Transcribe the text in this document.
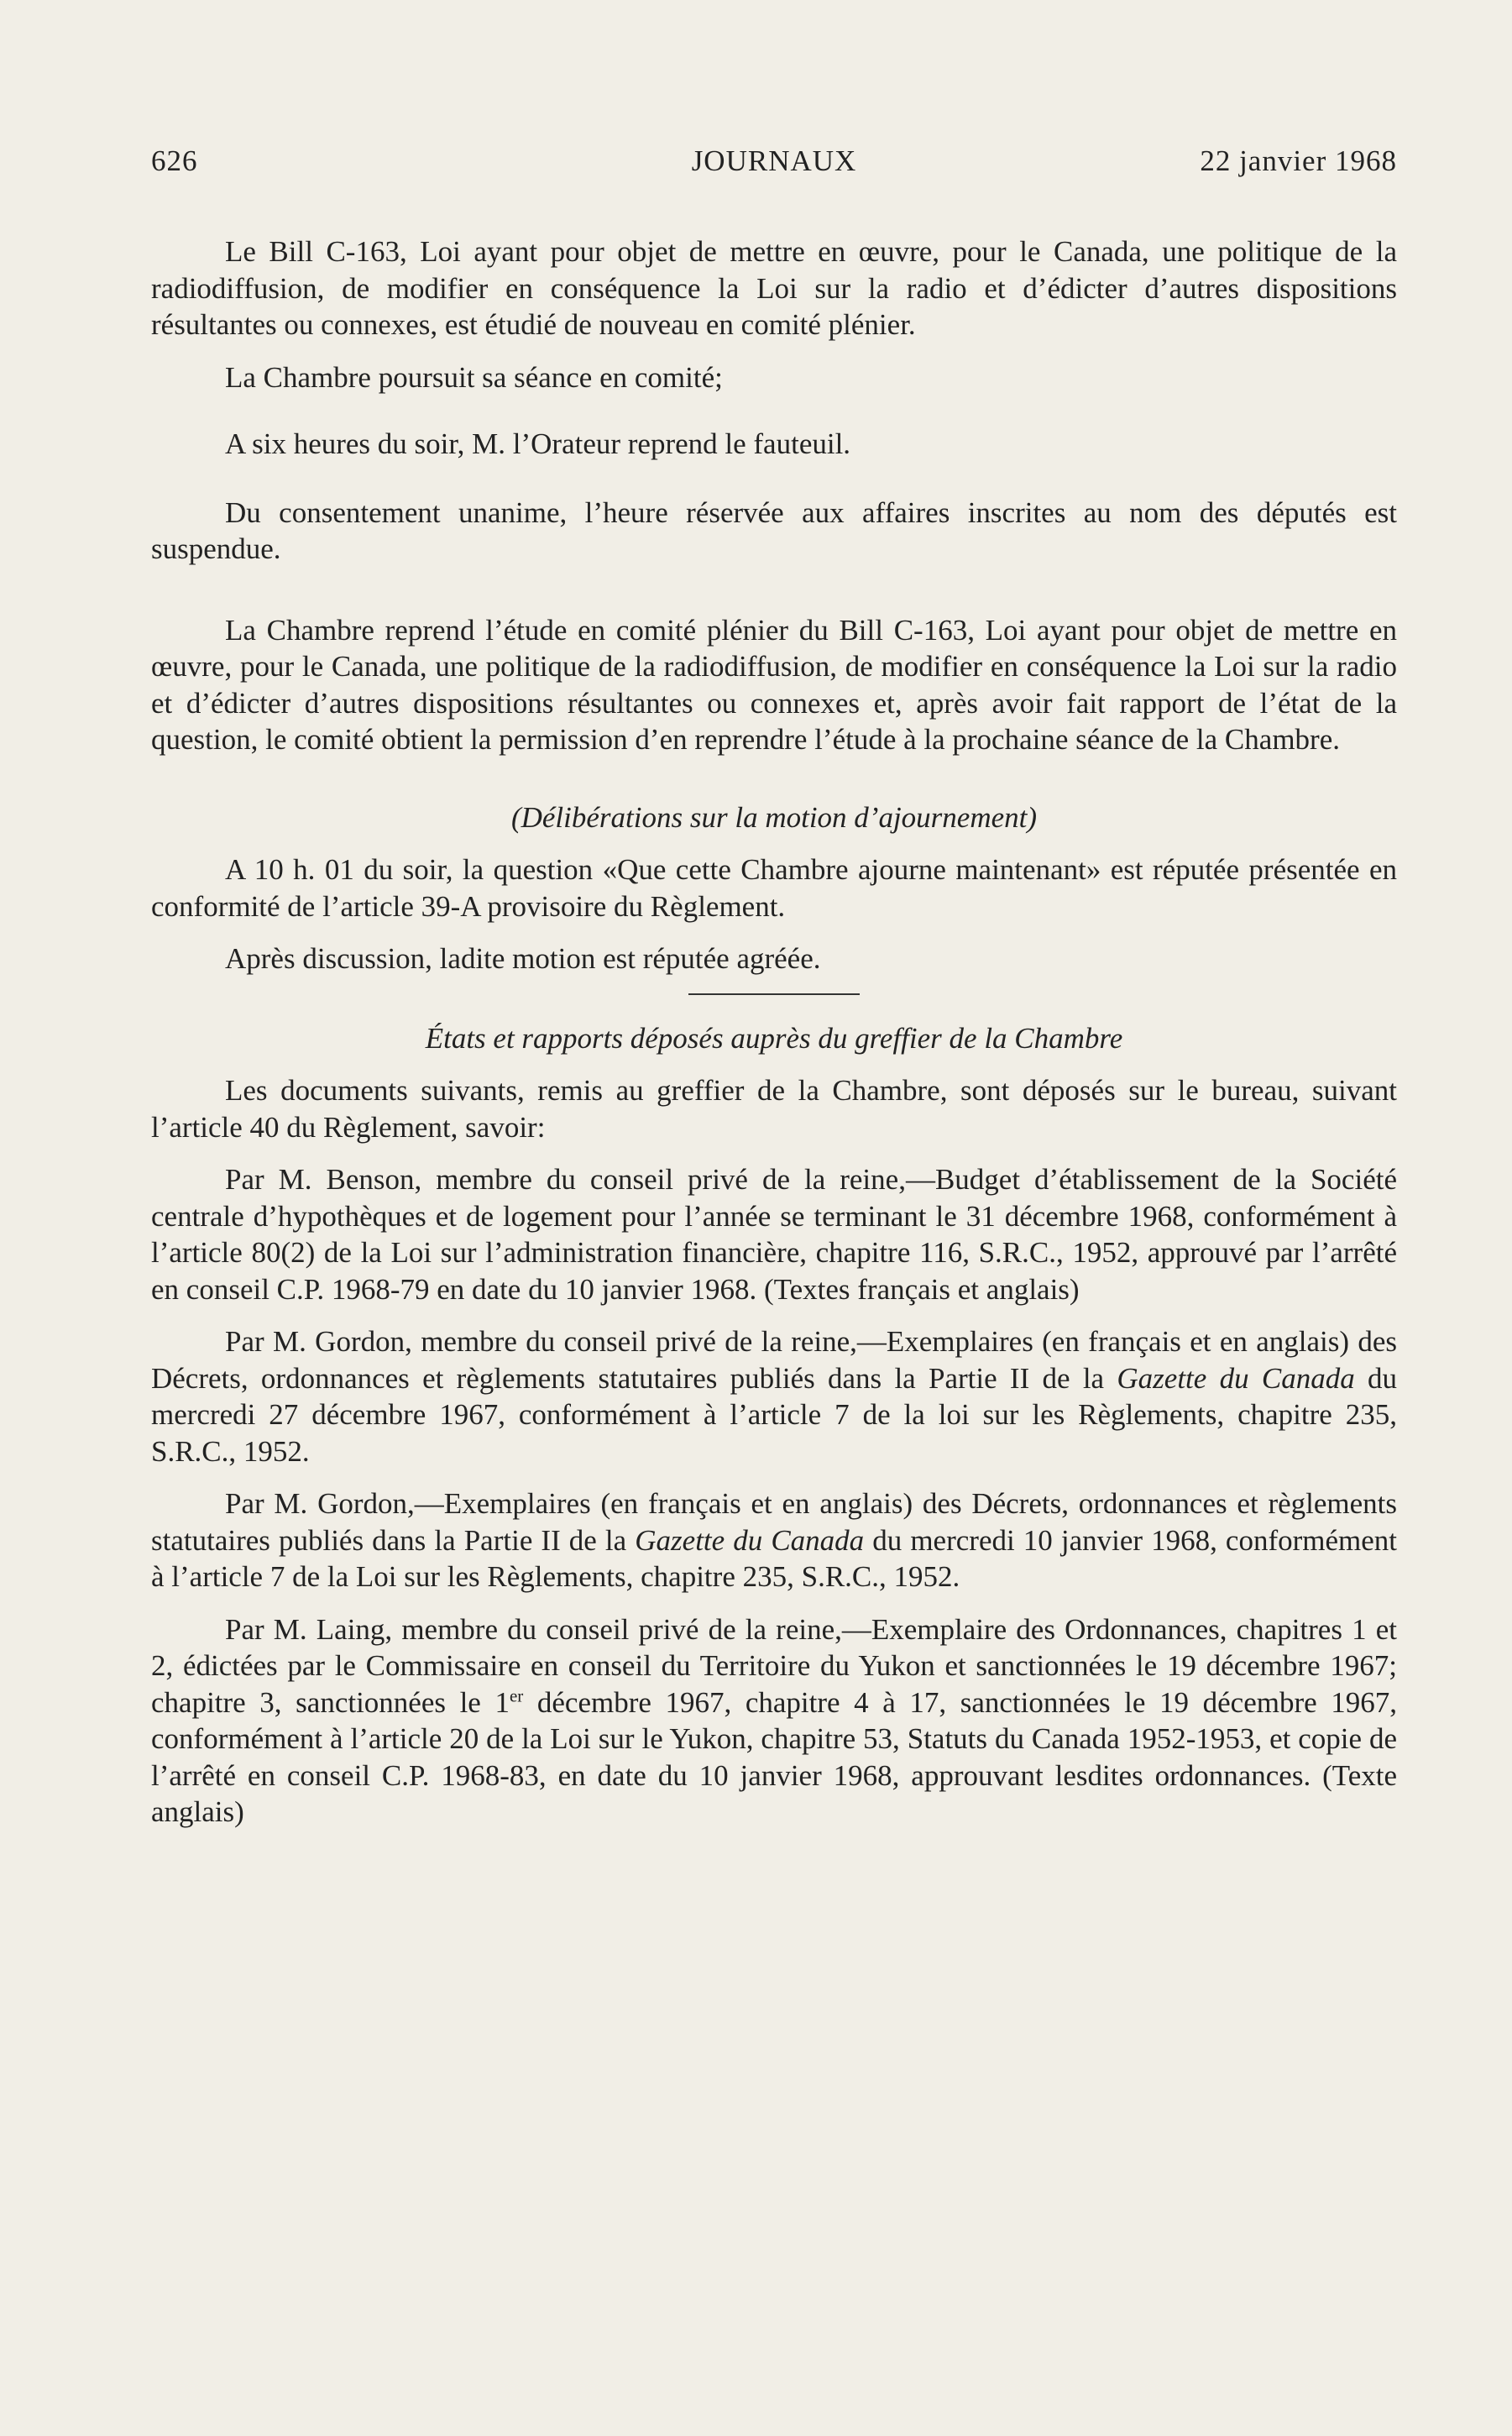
626	JOURNAUX	22 janvier 1968

Le Bill C-163, Loi ayant pour objet de mettre en œuvre, pour le Canada, une politique de la radiodiffusion, de modifier en conséquence la Loi sur la radio et d’édicter d’autres dispositions résultantes ou connexes, est étudié de nouveau en comité plénier.

La Chambre poursuit sa séance en comité;

A six heures du soir, M. l’Orateur reprend le fauteuil.

Du consentement unanime, l’heure réservée aux affaires inscrites au nom des députés est suspendue.

La Chambre reprend l’étude en comité plénier du Bill C-163, Loi ayant pour objet de mettre en œuvre, pour le Canada, une politique de la radiodiffusion, de modifier en conséquence la Loi sur la radio et d’édicter d’autres dispositions résultantes ou connexes et, après avoir fait rapport de l’état de la question, le comité obtient la permission d’en reprendre l’étude à la prochaine séance de la Chambre.

(Délibérations sur la motion d’ajournement)

A 10 h. 01 du soir, la question «Que cette Chambre ajourne maintenant» est réputée présentée en conformité de l’article 39-A provisoire du Règlement.

Après discussion, ladite motion est réputée agréée.

États et rapports déposés auprès du greffier de la Chambre

Les documents suivants, remis au greffier de la Chambre, sont déposés sur le bureau, suivant l’article 40 du Règlement, savoir:

Par M. Benson, membre du conseil privé de la reine,—Budget d’établissement de la Société centrale d’hypothèques et de logement pour l’année se terminant le 31 décembre 1968, conformément à l’article 80(2) de la Loi sur l’administration financière, chapitre 116, S.R.C., 1952, approuvé par l’arrêté en conseil C.P. 1968-79 en date du 10 janvier 1968. (Textes français et anglais)

Par M. Gordon, membre du conseil privé de la reine,—Exemplaires (en français et en anglais) des Décrets, ordonnances et règlements statutaires publiés dans la Partie II de la Gazette du Canada du mercredi 27 décembre 1967, conformément à l’article 7 de la loi sur les Règlements, chapitre 235, S.R.C., 1952.

Par M. Gordon,—Exemplaires (en français et en anglais) des Décrets, ordonnances et règlements statutaires publiés dans la Partie II de la Gazette du Canada du mercredi 10 janvier 1968, conformément à l’article 7 de la Loi sur les Règlements, chapitre 235, S.R.C., 1952.

Par M. Laing, membre du conseil privé de la reine,—Exemplaire des Ordonnances, chapitres 1 et 2, édictées par le Commissaire en conseil du Territoire du Yukon et sanctionnées le 19 décembre 1967; chapitre 3, sanctionnées le 1er décembre 1967, chapitre 4 à 17, sanctionnées le 19 décembre 1967, conformément à l’article 20 de la Loi sur le Yukon, chapitre 53, Statuts du Canada 1952-1953, et copie de l’arrêté en conseil C.P. 1968-83, en date du 10 janvier 1968, approuvant lesdites ordonnances. (Texte anglais)
